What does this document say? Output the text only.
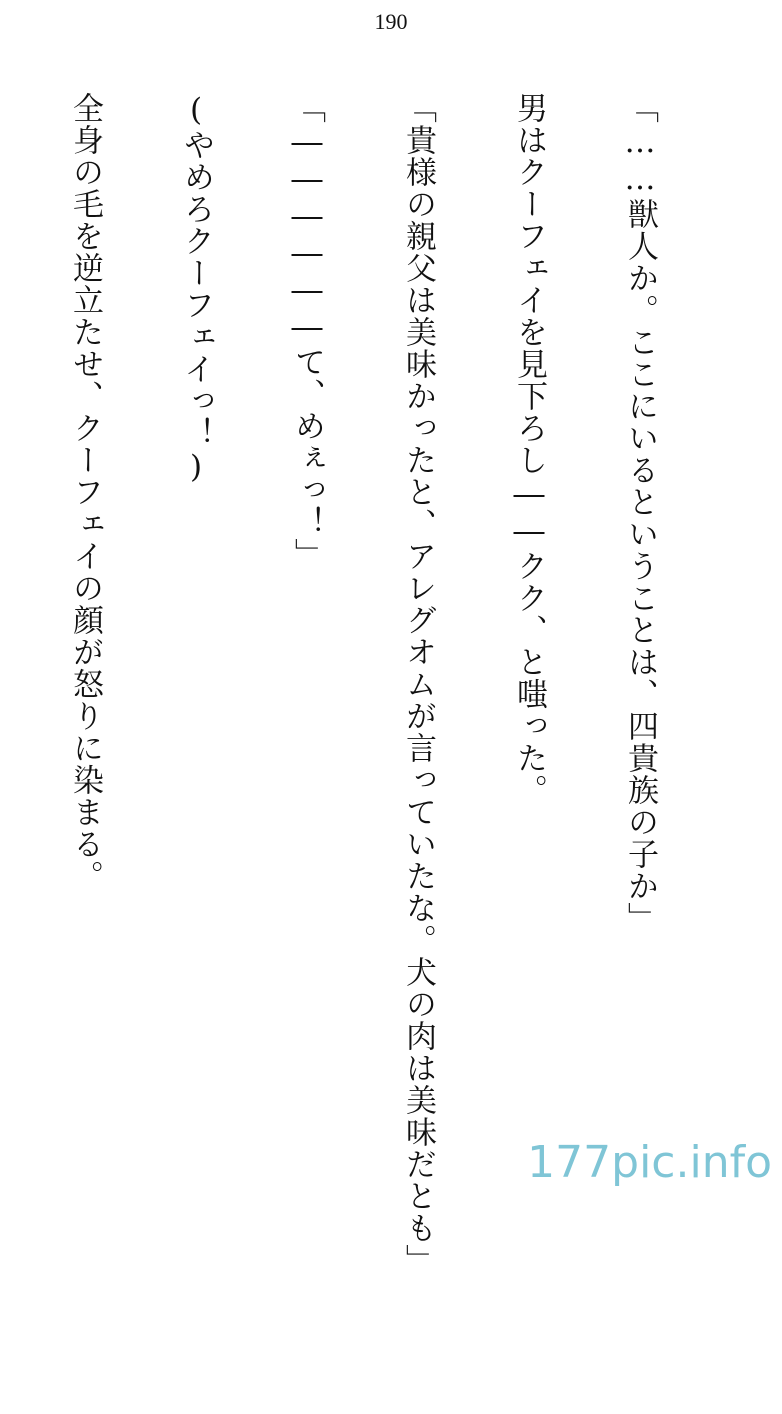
190

「……獣人か。ここにいるということは、四貴族の子か」

男はクーフェイを見下ろし――クク、と嗤った。

「貴様の親父は美味かったと、アレグオムが言っていたな。犬の肉は美味だとも」

「――――――て、めぇっ！」

(やめろクーフェイっ！)

全身の毛を逆立たせ、クーフェイの顔が怒りに染まる。

177pic.info
